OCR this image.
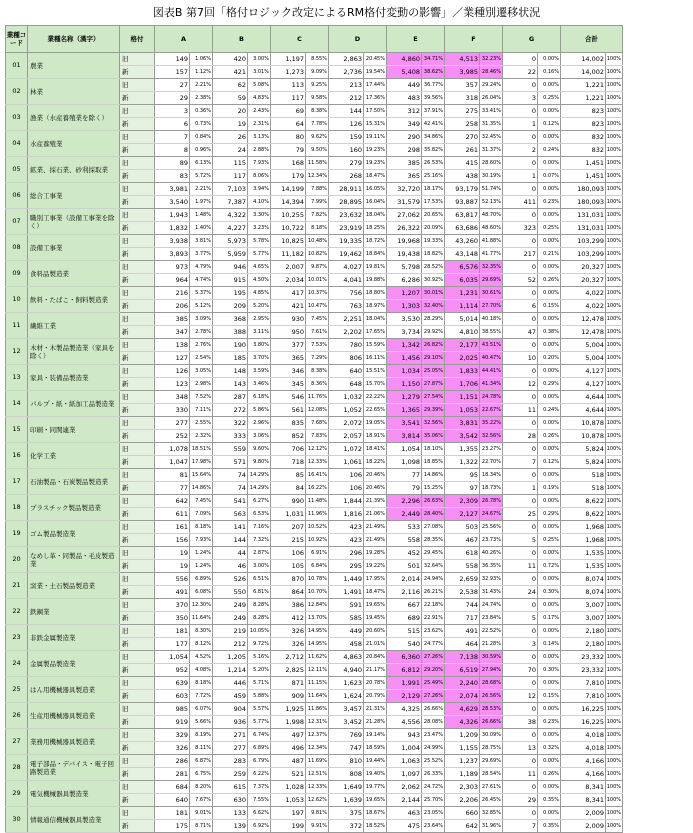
図表B 第7回「格付ロジック改定によるRM格付変動の影響」／業種別遷移状況
業種コード	業種名称（漢字）	格付	A		B		C		D		E		F		G		合計	
01	農業	旧	149	1.06%	420	3.00%	1,197	8.55%	2,863	20.45%	4,860	34.71%	4,513	32.23%	0	0.00%	14,002	100%
		新	157	1.12%	421	3.01%	1,273	9.09%	2,736	19.54%	5,408	38.62%	3,985	28.46%	22	0.16%	14,002	100%
02	林業	旧	27	2.21%	62	5.08%	113	9.25%	213	17.44%	449	36.77%	357	29.24%	0	0.00%	1,221	100%
		新	29	2.38%	59	4.83%	117	9.58%	212	17.36%	483	39.56%	318	26.04%	3	0.25%	1,221	100%
03	漁業（水産養殖業を除く）	旧	3	0.36%	20	2.43%	69	8.38%	144	17.50%	312	37.91%	275	33.41%	0	0.00%	823	100%
		新	6	0.73%	19	2.31%	64	7.78%	126	15.31%	349	42.41%	258	31.35%	1	0.12%	823	100%
04	水産養殖業	旧	7	0.84%	26	3.13%	80	9.62%	159	19.11%	290	34.86%	270	32.45%	0	0.00%	832	100%
		新	8	0.96%	24	2.88%	79	9.50%	160	19.23%	298	35.82%	261	31.37%	2	0.24%	832	100%
05	鉱業、採石業、砂利採取業	旧	89	6.13%	115	7.93%	168	11.58%	279	19.23%	385	26.53%	415	28.60%	0	0.00%	1,451	100%
		新	83	5.72%	117	8.06%	179	12.34%	268	18.47%	365	25.16%	438	30.19%	1	0.07%	1,451	100%
06	総合工事業	旧	3,981	2.21%	7,103	3.94%	14,199	7.88%	28,911	16.05%	32,720	18.17%	93,179	51.74%	0	0.00%	180,093	100%
		新	3,540	1.97%	7,387	4.10%	14,394	7.99%	28,895	16.04%	31,579	17.53%	93,887	52.13%	411	0.23%	180,093	100%
07	職別工事業（設備工事業を除く）	旧	1,943	1.48%	4,322	3.30%	10,255	7.82%	23,632	18.04%	27,062	20.65%	63,817	48.70%	0	0.00%	131,031	100%
		新	1,832	1.40%	4,227	3.23%	10,722	8.18%	23,919	18.25%	26,322	20.09%	63,686	48.60%	323	0.25%	131,031	100%
08	設備工事業	旧	3,938	3.81%	5,973	5.78%	10,825	10.48%	19,335	18.72%	19,968	19.33%	43,260	41.88%	0	0.00%	103,299	100%
		新	3,893	3.77%	5,959	5.77%	11,182	10.82%	19,462	18.84%	19,438	18.82%	43,148	41.77%	217	0.21%	103,299	100%
09	食料品製造業	旧	973	4.79%	946	4.65%	2,007	9.87%	4,027	19.81%	5,798	28.52%	6,576	32.35%	0	0.00%	20,327	100%
		新	964	4.74%	915	4.50%	2,034	10.01%	4,041	19.88%	6,286	30.92%	6,035	29.69%	52	0.26%	20,327	100%
10	飲料・たばこ・飼料製造業	旧	216	5.37%	195	4.85%	417	10.37%	756	18.80%	1,207	30.01%	1,231	30.61%	0	0.00%	4,022	100%
		新	206	5.12%	209	5.20%	421	10.47%	763	18.97%	1,303	32.40%	1,114	27.70%	6	0.15%	4,022	100%
11	繊維工業	旧	385	3.09%	368	2.95%	930	7.45%	2,251	18.04%	3,530	28.29%	5,014	40.18%	0	0.00%	12,478	100%
		新	347	2.78%	388	3.11%	950	7.61%	2,202	17.65%	3,734	29.92%	4,810	38.55%	47	0.38%	12,478	100%
12	木材・木製品製造業（家具を除く）	旧	138	2.76%	190	3.80%	377	7.53%	780	15.59%	1,342	26.82%	2,177	43.51%	0	0.00%	5,004	100%
		新	127	2.54%	185	3.70%	365	7.29%	806	16.11%	1,456	29.10%	2,025	40.47%	10	0.20%	5,004	100%
13	家具・装備品製造業	旧	126	3.05%	148	3.59%	346	8.38%	640	15.51%	1,034	25.05%	1,833	44.41%	0	0.00%	4,127	100%
		新	123	2.98%	143	3.46%	345	8.36%	648	15.70%	1,150	27.87%	1,706	41.34%	12	0.29%	4,127	100%
14	パルプ・紙・紙加工品製造業	旧	348	7.52%	287	6.18%	546	11.76%	1,032	22.22%	1,279	27.54%	1,151	24.78%	0	0.00%	4,644	100%
		新	330	7.11%	272	5.86%	561	12.08%	1,052	22.65%	1,365	29.39%	1,053	22.67%	11	0.24%	4,644	100%
15	印刷・同関連業	旧	277	2.55%	322	2.96%	835	7.68%	2,072	19.05%	3,541	32.56%	3,831	35.22%	0	0.00%	10,878	100%
		新	252	2.32%	333	3.06%	852	7.83%	2,057	18.91%	3,814	35.06%	3,542	32.56%	28	0.26%	10,878	100%
16	化学工業	旧	1,078	18.51%	559	9.60%	706	12.12%	1,072	18.41%	1,054	18.10%	1,355	23.27%	0	0.00%	5,824	100%
		新	1,047	17.98%	571	9.80%	718	12.33%	1,061	18.22%	1,098	18.85%	1,322	22.70%	7	0.12%	5,824	100%
17	石油製品・石炭製品製造業	旧	81	15.64%	74	14.29%	85	16.41%	106	20.46%	77	14.86%	95	18.34%	0	0.00%	518	100%
		新	77	14.86%	74	14.29%	84	16.22%	106	20.46%	79	15.25%	97	18.73%	1	0.19%	518	100%
18	プラスチック製品製造業	旧	642	7.45%	541	6.27%	990	11.48%	1,844	21.39%	2,296	26.63%	2,309	26.78%	0	0.00%	8,622	100%
		新	611	7.09%	563	6.53%	1,031	11.96%	1,816	21.06%	2,449	28.40%	2,127	24.67%	25	0.29%	8,622	100%
19	ゴム製品製造業	旧	161	8.18%	141	7.16%	207	10.52%	423	21.49%	533	27.08%	503	25.56%	0	0.00%	1,968	100%
		新	156	7.93%	144	7.32%	215	10.92%	423	21.49%	558	28.35%	467	23.73%	5	0.25%	1,968	100%
20	なめし革・同製品・毛皮製造業	旧	19	1.24%	44	2.87%	106	6.91%	296	19.28%	452	29.45%	618	40.26%	0	0.00%	1,535	100%
		新	19	1.24%	46	3.00%	105	6.84%	295	19.22%	501	32.64%	558	36.35%	11	0.72%	1,535	100%
21	窯業・土石製品製造業	旧	556	6.89%	526	6.51%	870	10.78%	1,449	17.95%	2,014	24.94%	2,659	32.93%	0	0.00%	8,074	100%
		新	491	6.08%	550	6.81%	864	10.70%	1,491	18.47%	2,116	26.21%	2,538	31.43%	24	0.30%	8,074	100%
22	鉄鋼業	旧	370	12.30%	249	8.28%	386	12.84%	591	19.65%	667	22.18%	744	24.74%	0	0.00%	3,007	100%
		新	350	11.64%	249	8.28%	412	13.70%	585	19.45%	689	22.91%	717	23.84%	5	0.17%	3,007	100%
23	非鉄金属製造業	旧	181	8.30%	219	10.05%	326	14.95%	449	20.60%	515	23.62%	491	22.52%	0	0.00%	2,180	100%
		新	177	8.12%	212	9.72%	326	14.95%	458	21.01%	540	24.77%	464	21.28%	3	0.14%	2,180	100%
24	金属製品製造業	旧	1,054	4.52%	1,205	5.16%	2,712	11.62%	4,863	20.84%	6,360	27.26%	7,138	30.59%	0	0.00%	23,332	100%
		新	952	4.08%	1,214	5.20%	2,825	12.11%	4,940	21.17%	6,812	29.20%	6,519	27.94%	70	0.30%	23,332	100%
25	はん用機械器具製造業	旧	639	8.18%	446	5.71%	871	11.15%	1,623	20.78%	1,991	25.49%	2,240	28.68%	0	0.00%	7,810	100%
		新	603	7.72%	459	5.88%	909	11.64%	1,624	20.79%	2,129	27.26%	2,074	26.56%	12	0.15%	7,810	100%
26	生産用機械器具製造業	旧	985	6.07%	904	5.57%	1,925	11.86%	3,457	21.31%	4,325	26.66%	4,629	28.53%	0	0.00%	16,225	100%
		新	919	5.66%	936	5.77%	1,998	12.31%	3,452	21.28%	4,556	28.08%	4,326	26.66%	38	0.23%	16,225	100%
27	業務用機械器具製造業	旧	329	8.19%	271	6.74%	497	12.37%	769	19.14%	943	23.47%	1,209	30.09%	0	0.00%	4,018	100%
		新	326	8.11%	277	6.89%	496	12.34%	747	18.59%	1,004	24.99%	1,155	28.75%	13	0.32%	4,018	100%
28	電子部品・デバイス・電子回路製造業	旧	286	6.87%	283	6.79%	487	11.69%	810	19.44%	1,063	25.52%	1,237	29.69%	0	0.00%	4,166	100%
		新	281	6.75%	259	6.22%	521	12.51%	808	19.40%	1,097	26.33%	1,189	28.54%	11	0.26%	4,166	100%
29	電気機械器具製造業	旧	684	8.20%	615	7.37%	1,028	12.33%	1,649	19.77%	2,062	24.72%	2,303	27.61%	0	0.00%	8,341	100%
		新	640	7.67%	630	7.55%	1,053	12.62%	1,639	19.65%	2,144	25.70%	2,206	26.45%	29	0.35%	8,341	100%
30	情報通信機械器具製造業	旧	181	9.01%	133	6.62%	197	9.81%	375	18.67%	463	23.05%	660	32.85%	0	0.00%	2,009	100%
		新	175	8.71%	139	6.92%	199	9.91%	372	18.52%	475	23.64%	642	31.96%	7	0.35%	2,009	100%
